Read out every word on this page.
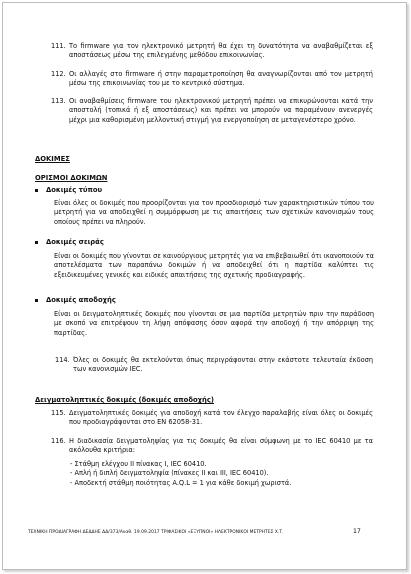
111. Το firmware για τον ηλεκτρονικό μετρητή θα έχει τη δυνατότητα να αναβαθμίζεται εξ αποστάσεως μέσω της επιλεγμένης μεθόδου επικοινωνίας.
112. Οι αλλαγές στο firmware ή στην παραμετροποίηση θα αναγνωρίζονται από τον μετρητή μέσω της επικοινωνίας του με το κεντρικό σύστημα.
113. Οι αναβαθμίσεις firmware του ηλεκτρονικού μετρητή πρέπει να επικυρώνονται κατά την αποστολή (τοπικά ή εξ αποστάσεως) και πρέπει να μπορούν να παραμένουν ανενεργές μέχρι μια καθορισμένη μελλοντική στιγμή για ενεργοποίηση σε μεταγενέστερο χρόνο.
ΔΟΚΙΜΕΣ
ΟΡΙΣΜΟΙ ΔΟΚΙΜΩΝ
Δοκιμές τύπου
Είναι όλες οι δοκιμές που προορίζονται για τον προσδιορισμό των χαρακτηριστικών τύπου του μετρητή για να αποδειχθεί η συμμόρφωση με τις απαιτήσεις των σχετικών κανονισμών τους οποίους πρέπει να πληρούν.
Δοκιμές σειράς
Είναι οι δοκιμές που γίνονται σε καινούργιους μετρητές για να επιβεβαιωθεί ότι ικανοποιούν τα αποτελέσματα των παραπάνω δοκιμών ή να αποδειχθεί ότι η παρτίδα καλύπτει τις εξειδικευμένες γενικές και ειδικές απαιτήσεις της σχετικής προδιαγραφής.
Δοκιμές αποδοχής
Είναι οι δειγματοληπτικές δοκιμές που γίνονται σε μια παρτίδα μετρητών πριν την παράδοση με σκοπό να επιτρέψουν τη λήψη απόφασης όσον αφορά την αποδοχή ή την απόρριψη της παρτίδας.
114. Όλες οι δοκιμές θα εκτελούνται όπως περιγράφονται στην εκάστοτε τελευταία έκδοση των κανονισμών IEC.
Δειγματοληπτικές δοκιμές (δοκιμές αποδοχής)
115. Δειγματοληπτικές δοκιμές για αποδοχή κατά τον έλεγχο παραλαβής είναι όλες οι δοκιμές που προδιαγράφονται στο ΕΝ 62058-31.
116. Η διαδικασία δειγματοληψίας για τις δοκιμές θα είναι σύμφωνη με το IEC 60410 με τα ακόλουθα κριτήρια:
- Στάθμη ελέγχου ΙΙ πίνακας Ι, IEC 60410.
- Απλή ή διπλή δειγματοληψία (πίνακες ΙΙ και ΙΙΙ, IEC 60410).
- Αποδεκτή στάθμη ποιότητας A.Q.L = 1 για κάθε δοκιμή χωριστά.
ΤΕΧΝΙΚΗ ΠΡΟΔΙΑΓΡΑΦΗ ΔΕΔΔΗΕ ΔΔ/373/Αναθ. 19.09.2017 ΤΡΙΦΑΣΙΚΟΙ «ΕΞΥΠΝΟΙ» ΗΛΕΚΤΡΟΝΙΚΟΙ ΜΕΤΡΗΤΕΣ Χ.Τ.	17
